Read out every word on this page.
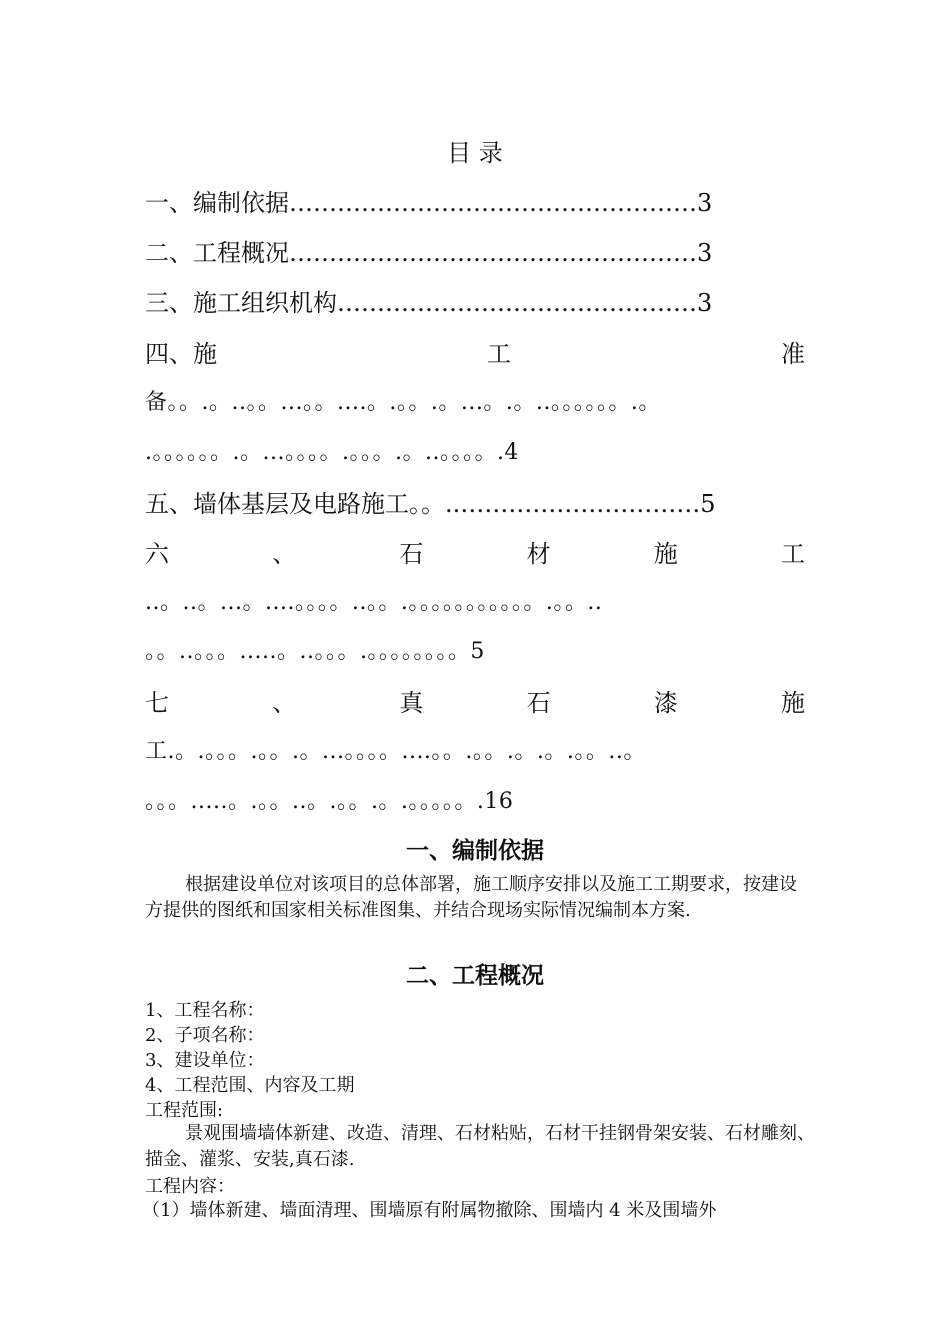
目 录
一、编制依据……………………………………………3
二、工程概况……………………………………………3
三、施工组织机构………………………………………3
四、施	工	准
备。。.。..。。...。。....。.。。.。...。.。..。。。。。。.。
.。。。。。。.。...。。。。.。。。.。..。。。。.4
五、墙体基层及电路施工。。..…………………………5
六	、	石	材	施	工
..。..。...。....。。。。..。。.。。。。。。。。。。。.。。..
。。..。。。.....。..。。。.。。。。。。。。5
七	、	真	石	漆	施
工.。.。。。.。。.。...。。。。....。。.。。.。.。.。。..。
。。。.....。.。。..。.。。.。.。。。。。.16
一、编制依据
根据建设单位对该项目的总体部署，施工顺序安排以及施工工期要求，按建设方提供的图纸和国家相关标准图集、并结合现场实际情况编制本方案.
二、工程概况
1、工程名称：
2、子项名称：
3、建设单位：
4、工程范围、内容及工期
工程范围:
景观围墙墙体新建、改造、清理、石材粘贴，石材干挂钢骨架安装、石材雕刻、描金、灌浆、安装,真石漆.
工程内容：
（1）墙体新建、墙面清理、围墙原有附属物撤除、围墙内 4 米及围墙外
